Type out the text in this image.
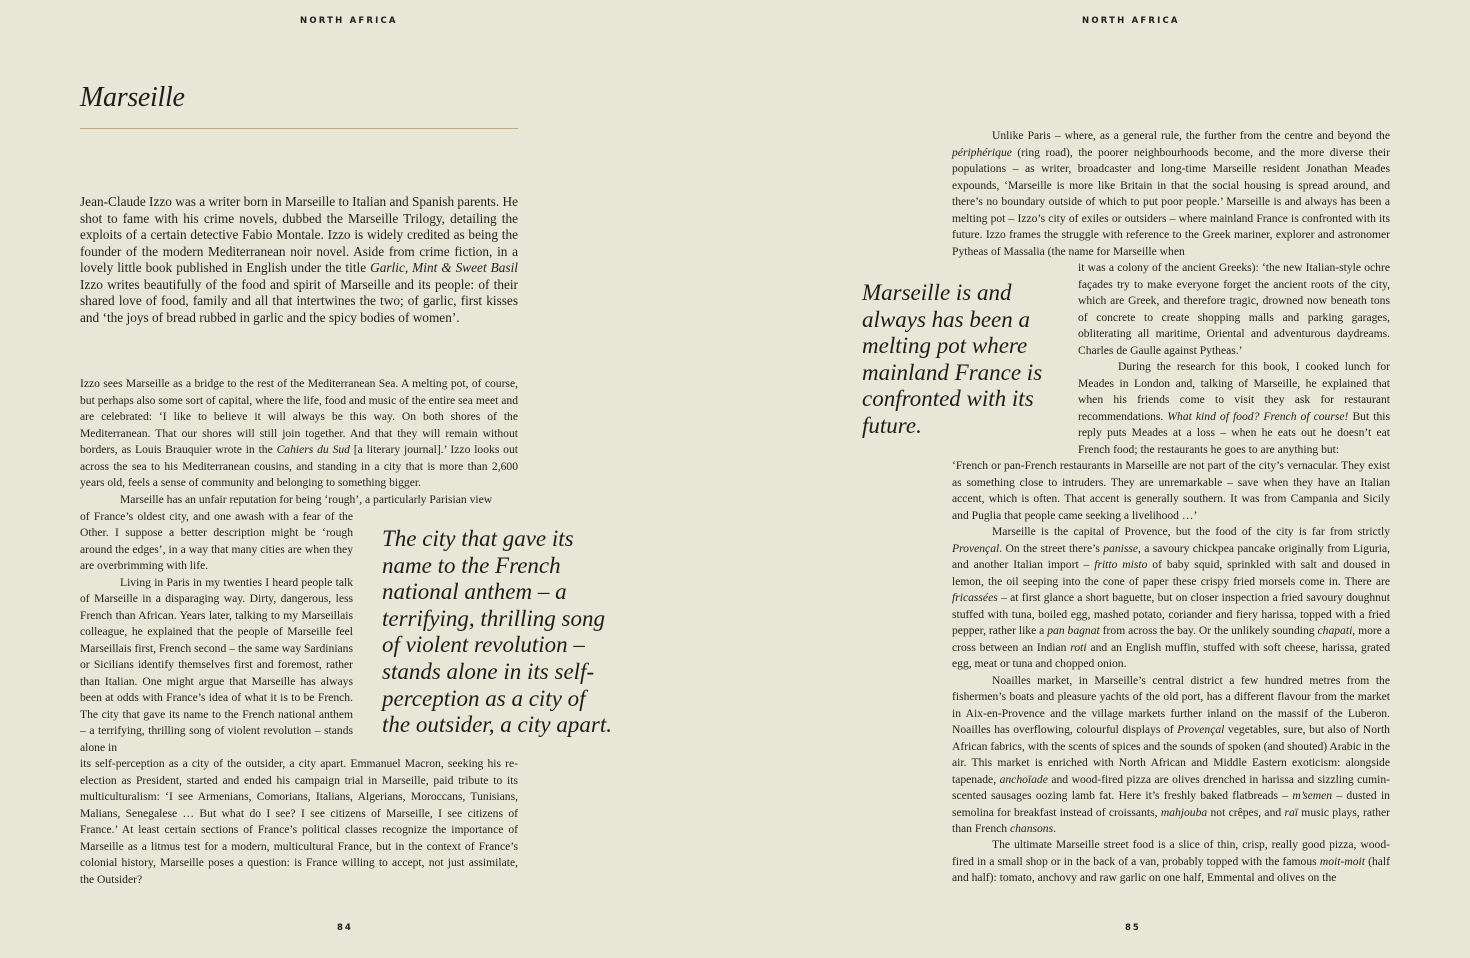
NORTH AFRICA
Marseille

Jean-Claude Izzo was a writer born in Marseille to Italian and Spanish parents. He shot to fame with his crime novels, dubbed the Marseille Trilogy, detailing the exploits of a certain detective Fabio Montale. Izzo is widely credited as being the founder of the modern Mediterranean noir novel. Aside from crime fiction, in a lovely little book published in English under the title Garlic, Mint & Sweet Basil Izzo writes beautifully of the food and spirit of Marseille and its people: of their shared love of food, family and all that intertwines the two; of garlic, first kisses and ‘the joys of bread rubbed in garlic and the spicy bodies of women’.

Izzo sees Marseille as a bridge to the rest of the Mediterranean Sea. A melting pot, of course, but perhaps also some sort of capital, where the life, food and music of the entire sea meet and are celebrated: ‘I like to believe it will always be this way. On both shores of the Mediterranean. That our shores will still join together. And that they will remain without borders, as Louis Brauquier wrote in the Cahiers du Sud [a literary journal].’ Izzo looks out across the sea to his Mediterranean cousins, and standing in a city that is more than 2,600 years old, feels a sense of community and belonging to something bigger.

Marseille has an unfair reputation for being ‘rough’, a particularly Parisian view

of France’s oldest city, and one awash with a fear of the Other. I suppose a better description might be ‘rough around the edges’, in a way that many cities are when they are overbrimming with life.

Living in Paris in my twenties I heard people talk of Marseille in a disparaging way. Dirty, dangerous, less French than African. Years later, talking to my Marseillais colleague, he explained that the people of Marseille feel Marseillais first, French second – the same way Sardinians or Sicilians identify themselves first and foremost, rather than Italian. One might argue that Marseille has always been at odds with France’s idea of what it is to be French. The city that gave its name to the French national anthem – a terrifying, thrilling song of violent revolution – stands alone in

its self-perception as a city of the outsider, a city apart. Emmanuel Macron, seeking his re-election as President, started and ended his campaign trial in Marseille, paid tribute to its multiculturalism: ‘I see Armenians, Comorians, Italians, Algerians, Moroccans, Tunisians, Malians, Senegalese … But what do I see? I see citizens of Marseille, I see citizens of France.’ At least certain sections of France’s political classes recognize the importance of Marseille as a litmus test for a modern, multicultural France, but in the context of France’s colonial history, Marseille poses a question: is France willing to accept, not just assimilate, the Outsider?

The city that gave its name to the French national anthem – a terrifying, thrilling song of violent revolution – stands alone in its self-perception as a city of the outsider, a city apart.
84
NORTH AFRICA

Unlike Paris – where, as a general rule, the further from the centre and beyond the périphérique (ring road), the poorer neighbourhoods become, and the more diverse their populations – as writer, broadcaster and long-time Marseille resident Jonathan Meades expounds, ‘Marseille is more like Britain in that the social housing is spread around, and there’s no boundary outside of which to put poor people.’ Marseille is and always has been a melting pot – Izzo’s city of exiles or outsiders – where mainland France is confronted with its future. Izzo frames the struggle with reference to the Greek mariner, explorer and astronomer Pytheas of Massalia (the name for Marseille when

it was a colony of the ancient Greeks): ‘the new Italian-style ochre façades try to make everyone forget the ancient roots of the city, which are Greek, and therefore tragic, drowned now beneath tons of concrete to create shopping malls and parking garages, obliterating all maritime, Oriental and adventurous daydreams. Charles de Gaulle against Pytheas.’

During the research for this book, I cooked lunch for Meades in London and, talking of Marseille, he explained that when his friends come to visit they ask for restaurant recommendations. What kind of food? French of course! But this reply puts Meades at a loss – when he eats out he doesn’t eat French food; the restaurants he goes to are anything but:

‘French or pan-French restaurants in Marseille are not part of the city’s vernacular. They exist as something close to intruders. They are unremarkable – save when they have an Italian accent, which is often. That accent is generally southern. It was from Campania and Sicily and Puglia that people came seeking a livelihood …’

Marseille is the capital of Provence, but the food of the city is far from strictly Provençal. On the street there’s panisse, a savoury chickpea pancake originally from Liguria, and another Italian import – fritto misto of baby squid, sprinkled with salt and doused in lemon, the oil seeping into the cone of paper these crispy fried morsels come in. There are fricassées – at first glance a short baguette, but on closer inspection a fried savoury doughnut stuffed with tuna, boiled egg, mashed potato, coriander and fiery harissa, topped with a fried pepper, rather like a pan bagnat from across the bay. Or the unlikely sounding chapati, more a cross between an Indian roti and an English muffin, stuffed with soft cheese, harissa, grated egg, meat or tuna and chopped onion.

Noailles market, in Marseille’s central district a few hundred metres from the fishermen’s boats and pleasure yachts of the old port, has a different flavour from the market in Aix-en-Provence and the village markets further inland on the massif of the Luberon. Noailles has overflowing, colourful displays of Provençal vegetables, sure, but also of North African fabrics, with the scents of spices and the sounds of spoken (and shouted) Arabic in the air. This market is enriched with North African and Middle Eastern exoticism: alongside tapenade, anchoïade and wood-fired pizza are olives drenched in harissa and sizzling cumin-scented sausages oozing lamb fat. Here it’s freshly baked flatbreads – m’semen – dusted in semolina for breakfast instead of croissants, mahjouba not crêpes, and raï music plays, rather than French chansons.

The ultimate Marseille street food is a slice of thin, crisp, really good pizza, wood-fired in a small shop or in the back of a van, probably topped with the famous moit-moit (half and half): tomato, anchovy and raw garlic on one half, Emmental and olives on the

Marseille is and always has been a melting pot where mainland France is confronted with its future.
85
